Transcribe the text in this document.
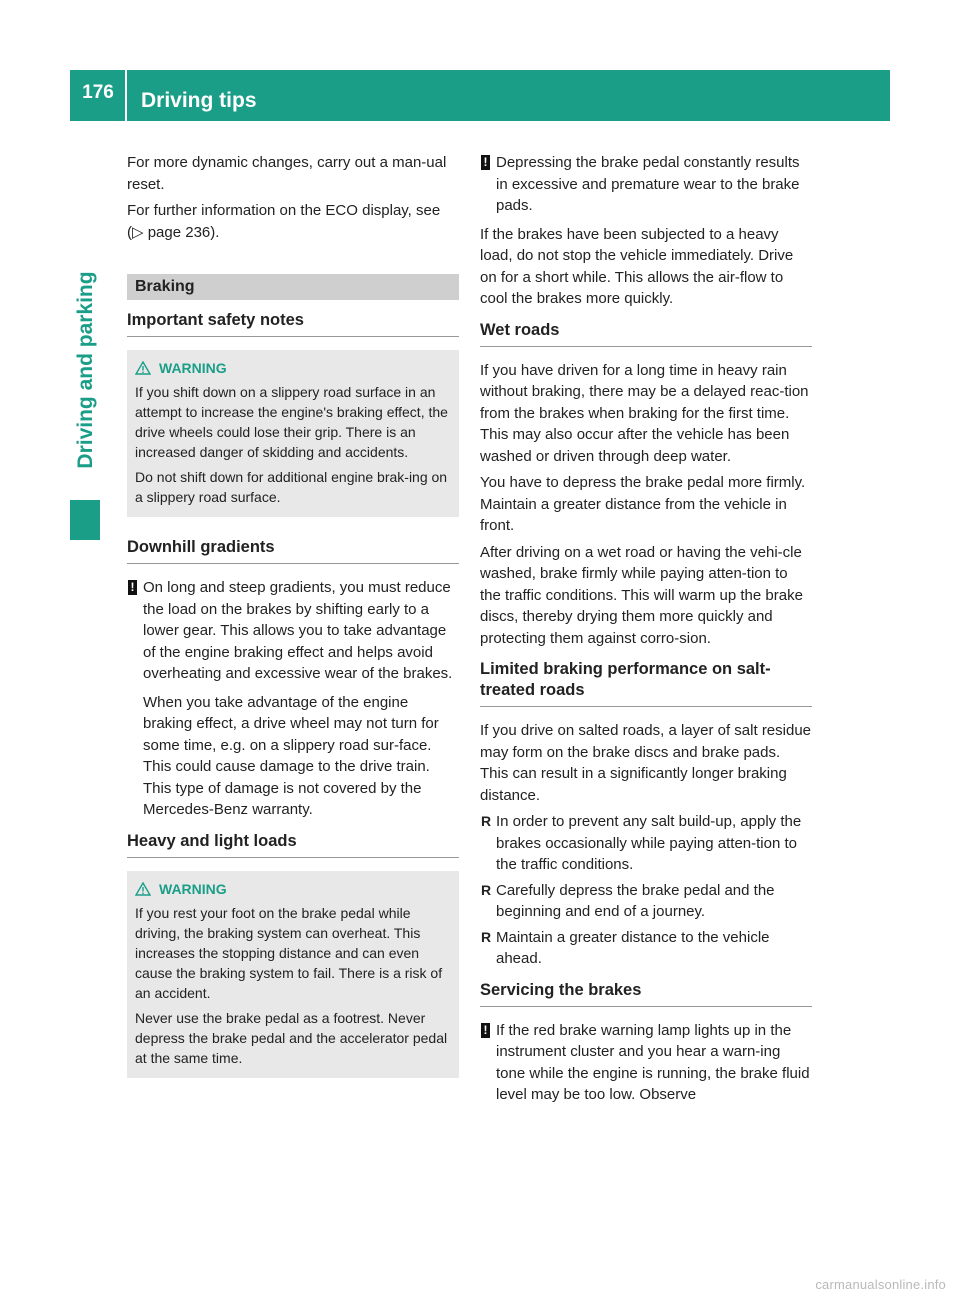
176	Driving tips
Driving and parking

For more dynamic changes, carry out a man-ual reset.

For further information on the ECO display, see (▷ page 236).

Braking
Important safety notes
WARNING

If you shift down on a slippery road surface in an attempt to increase the engine's braking effect, the drive wheels could lose their grip. There is an increased danger of skidding and accidents.

Do not shift down for additional engine brak-ing on a slippery road surface.

Downhill gradients
! On long and steep gradients, you must reduce the load on the brakes by shifting early to a lower gear. This allows you to take advantage of the engine braking effect and helps avoid overheating and excessive wear of the brakes.

When you take advantage of the engine braking effect, a drive wheel may not turn for some time, e.g. on a slippery road sur-face. This could cause damage to the drive train. This type of damage is not covered by the Mercedes-Benz warranty.

Heavy and light loads
WARNING

If you rest your foot on the brake pedal while driving, the braking system can overheat. This increases the stopping distance and can even cause the braking system to fail. There is a risk of an accident.

Never use the brake pedal as a footrest. Never depress the brake pedal and the accelerator pedal at the same time.

! Depressing the brake pedal constantly results in excessive and premature wear to the brake pads.

If the brakes have been subjected to a heavy load, do not stop the vehicle immediately. Drive on for a short while. This allows the air-flow to cool the brakes more quickly.

Wet roads

If you have driven for a long time in heavy rain without braking, there may be a delayed reac-tion from the brakes when braking for the first time. This may also occur after the vehicle has been washed or driven through deep water.

You have to depress the brake pedal more firmly. Maintain a greater distance from the vehicle in front.

After driving on a wet road or having the vehi-cle washed, brake firmly while paying atten-tion to the traffic conditions. This will warm up the brake discs, thereby drying them more quickly and protecting them against corro-sion.

Limited braking performance on salt-treated roads

If you drive on salted roads, a layer of salt residue may form on the brake discs and brake pads. This can result in a significantly longer braking distance.

R In order to prevent any salt build-up, apply the brakes occasionally while paying atten-tion to the traffic conditions.
R Carefully depress the brake pedal and the beginning and end of a journey.
R Maintain a greater distance to the vehicle ahead.
Servicing the brakes
! If the red brake warning lamp lights up in the instrument cluster and you hear a warn-ing tone while the engine is running, the brake fluid level may be too low. Observe
carmanualsonline.info
